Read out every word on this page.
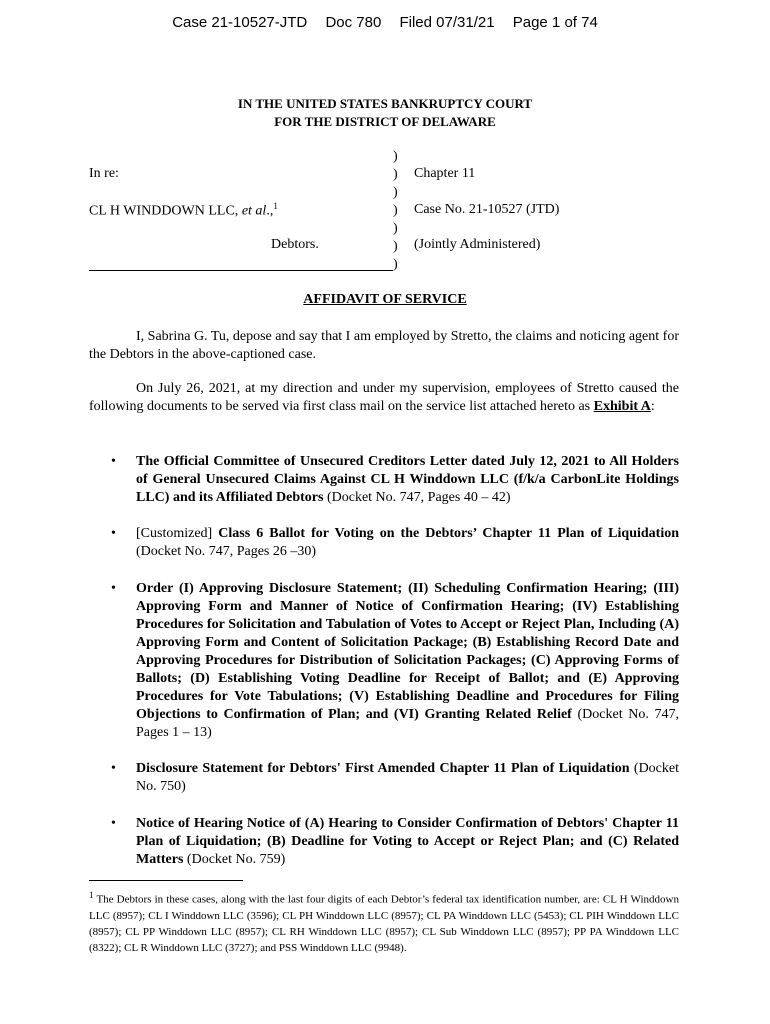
Case 21-10527-JTD Doc 780 Filed 07/31/21 Page 1 of 74
IN THE UNITED STATES BANKRUPTCY COURT
FOR THE DISTRICT OF DELAWARE
In re:
CL H WINDDOWN LLC, et al.,$^1$
Debtors.
)
)
)
)
)
)
)
Chapter 11
Case No. 21-10527 (JTD)
(Jointly Administered)
AFFIDAVIT OF SERVICE

I, Sabrina G. Tu, depose and say that I am employed by Stretto, the claims and noticing agent for the Debtors in the above-captioned case.

On July 26, 2021, at my direction and under my supervision, employees of Stretto caused the following documents to be served via first class mail on the service list attached hereto as Exhibit A:

• The Official Committee of Unsecured Creditors Letter dated July 12, 2021 to All Holders of General Unsecured Claims Against CL H Winddown LLC (f/k/a CarbonLite Holdings LLC) and its Affiliated Debtors (Docket No. 747, Pages 40 – 42)
• [Customized] Class 6 Ballot for Voting on the Debtors’ Chapter 11 Plan of Liquidation (Docket No. 747, Pages 26 –30)
• Order (I) Approving Disclosure Statement; (II) Scheduling Confirmation Hearing; (III) Approving Form and Manner of Notice of Confirmation Hearing; (IV) Establishing Procedures for Solicitation and Tabulation of Votes to Accept or Reject Plan, Including (A) Approving Form and Content of Solicitation Package; (B) Establishing Record Date and Approving Procedures for Distribution of Solicitation Packages; (C) Approving Forms of Ballots; (D) Establishing Voting Deadline for Receipt of Ballot; and (E) Approving Procedures for Vote Tabulations; (V) Establishing Deadline and Procedures for Filing Objections to Confirmation of Plan; and (VI) Granting Related Relief (Docket No. 747, Pages 1 – 13)
• Disclosure Statement for Debtors' First Amended Chapter 11 Plan of Liquidation (Docket No. 750)
• Notice of Hearing Notice of (A) Hearing to Consider Confirmation of Debtors' Chapter 11 Plan of Liquidation; (B) Deadline for Voting to Accept or Reject Plan; and (C) Related Matters (Docket No. 759)

$^1$ The Debtors in these cases, along with the last four digits of each Debtor’s federal tax identification number, are: CL H Winddown LLC (8957); CL I Winddown LLC (3596); CL PH Winddown LLC (8957); CL PA Winddown LLC (5453); CL PIH Winddown LLC (8957); CL PP Winddown LLC (8957); CL RH Winddown LLC (8957); CL Sub Winddown LLC (8957); PP PA Winddown LLC (8322); CL R Winddown LLC (3727); and PSS Winddown LLC (9948).
